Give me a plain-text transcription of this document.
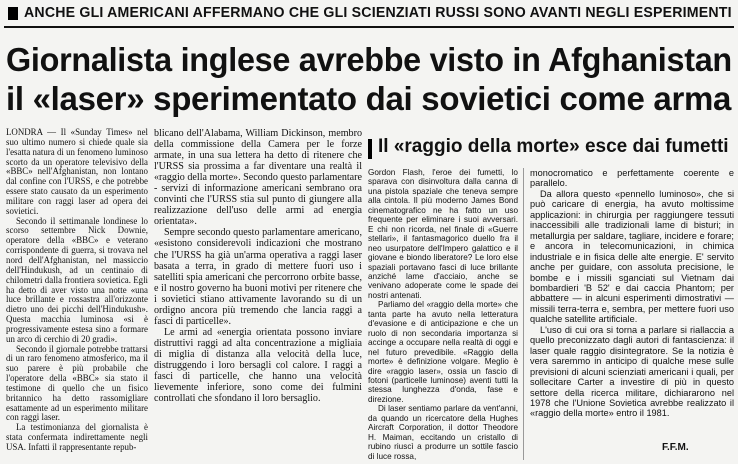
ANCHE GLI AMERICANI AFFERMANO CHE GLI SCIENZIATI RUSSI SONO AVANTI NEGLI ESPERIMENTI
Giornalista inglese avrebbe visto in Afghanistan
il «laser» sperimentato dai sovietici come arma

LONDRA — Il «Sunday Times» nel suo ultimo numero si chiede quale sia l'esatta natura di un fenomeno luminoso scorto da un operatore televisivo della «BBC» nell'Afghanistan, non lontano dal confine con l'URSS, e che potrebbe essere stato causato da un esperimento militare con raggi laser ad opera dei sovietici.

Secondo il settimanale londinese lo scorso settembre Nick Downie, operatore della «BBC» e veterano corrispondente di guerra, si trovava nel nord dell'Afghanistan, nel massiccio dell'Hindukush, ad un centinaio di chilometri dalla frontiera sovietica. Egli ha detto di aver visto una notte «una luce brillante e rossastra all'orizzonte dietro uno dei picchi dell'Hindukush». Questa macchia luminosa «si è progressivamente estesa sino a formare un arco di cerchio di 20 gradi».

Secondo il giornale potrebbe trattarsi di un raro fenomeno atmosferico, ma il suo parere è più probabile che l'operatore della «BBC» sia stato il testimone di quello che un fisico britannico ha detto rassomigliare esattamente ad un esperimento militare con raggi laser.

La testimonianza del giornalista è stata confermata indirettamente negli USA. Infatti il rappresentante repub-

blicano dell'Alabama, William Dickinson, membro della commissione della Camera per le forze armate, in una sua lettera ha detto di ritenere che l'URSS sia prossima a far diventare una realtà il «raggio della morte». Secondo questo parlamentare - servizi di informazione americani sembrano ora convinti che l'URSS stia sul punto di giungere alla realizzazione dell'uso delle armi ad energia orientata».

Sempre secondo questo parlamentare americano, «esistono considerevoli indicazioni che mostrano che l'URSS ha già un'arma operativa a raggi laser basata a terra, in grado di mettere fuori uso i satelliti spia americani che percorrono orbite basse, e il nostro governo ha buoni motivi per ritenere che i sovietici stiano attivamente lavorando su di un ordigno ancora più tremendo che lancia raggi a fasci di particelle».

Le armi ad «energia orientata possono inviare distruttivi raggi ad alta concentrazione a migliaia di miglia di distanza alla velocità della luce, distruggendo i loro bersagli col calore. I raggi a fasci di particelle, che hanno una velocità lievemente inferiore, sono come dei fulmini controllati che sfondano il loro bersaglio.

Il «raggio della morte» esce dai fumetti

Gordon Flash, l'eroe dei fumetti, lo sparava con disinvoltura dalla canna di una pistola spaziale che teneva sempre alla cintola. Il più moderno James Bond cinematografico ne ha fatto un uso frequente per eliminare i suoi avversari. E chi non ricorda, nel finale di «Guerre stellari», il fantasmagorico duello fra il neo usurpatore dell'Impero galattico e il giovane e biondo liberatore? Le loro else spaziali portavano fasci di luce brillante anziché lame d'acciaio, anche se venivano adoperate come le spade dei nostri antenati.

Parliamo del «raggio della morte» che tanta parte ha avuto nella letteratura d'evasione e di anticipazione e che un ruolo di non secondaria importanza si accinge a occupare nella realtà di oggi e nel futuro prevedibile. «Raggio della morte» è definizione volgare. Meglio è dire «raggio laser», ossia un fascio di fotoni (particelle luminose) aventi tutti la stessa lunghezza d'onda, fase e direzione.

Di laser sentiamo parlare da vent'anni, da quando un ricercatore della Hughes Aircraft Corporation, il dottor Theodore H. Maiman, eccitando un cristallo di rubino riuscì a produrre un sottile fascio di luce rossa,

monocromatico e perfettamente coerente e parallelo.

Da allora questo «pennello luminoso», che si può caricare di energia, ha avuto moltissime applicazioni: in chirurgia per raggiungere tessuti inaccessibili alle tradizionali lame di bisturi; in metallurgia per saldare, tagliare, incidere e forare; e ancora in telecomunicazioni, in chimica industriale e in fisica delle alte energie. E' servito anche per guidare, con assoluta precisione, le bombe e i missili sganciati sul Vietnam dai bombardieri 'B 52' e dai caccia Phantom; per abbattere — in alcuni esperimenti dimostrativi — missili terra-terra e, sembra, per mettere fuori uso qualche satellite artificiale.

L'uso di cui ora si torna a parlare si riallaccia a quello preconizzato dagli autori di fantascienza: il laser quale raggio disintegratore. Se la notizia è vera saremmo in anticipo di qualche mese sulle previsioni di alcuni scienziati americani i quali, per sollecitare Carter a investire di più in questo settore della ricerca militare, dichiararono nel 1978 che l'Unione Sovietica avrebbe realizzato il «raggio della morte» entro il 1981.

F.F.M.
